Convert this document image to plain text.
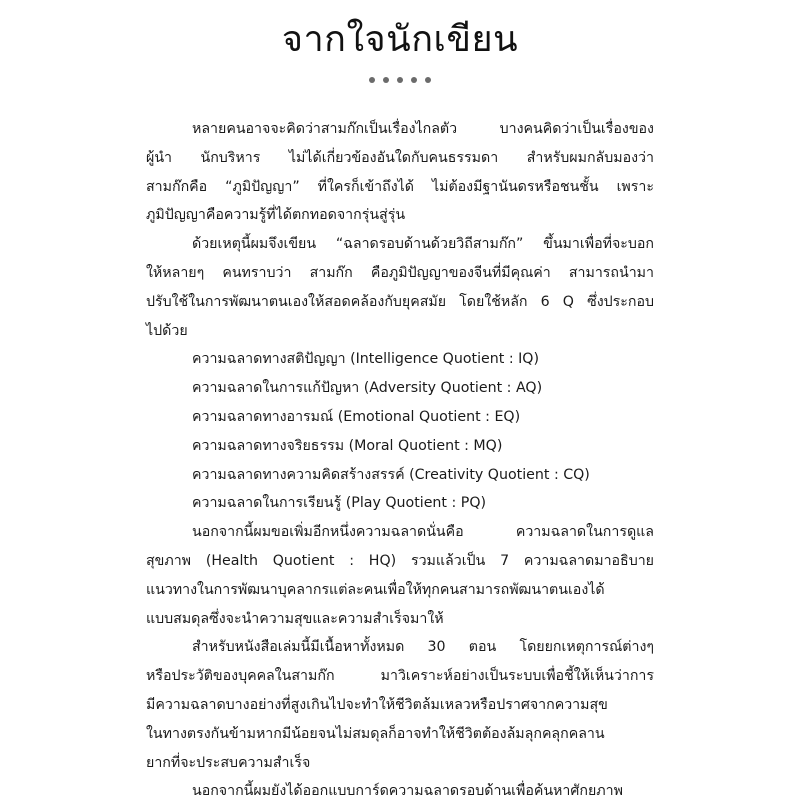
จากใจนักเขียน
หลายคนอาจจะคิดว่าสามก๊กเป็นเรื่องไกลตัว บางคนคิดว่าเป็นเรื่องของ
ผู้นำ นักบริหาร ไม่ได้เกี่ยวข้องอันใดกับคนธรรมดา สำหรับผมกลับมองว่า
สามก๊กคือ “ภูมิปัญญา” ที่ใครก็เข้าถึงได้ ไม่ต้องมีฐานันดรหรือชนชั้น เพราะ
ภูมิปัญญาคือความรู้ที่ได้ตกทอดจากรุ่นสู่รุ่น
ด้วยเหตุนี้ผมจึงเขียน “ฉลาดรอบด้านด้วยวิถีสามก๊ก” ขึ้นมาเพื่อที่จะบอก
ให้หลายๆ คนทราบว่า สามก๊ก คือภูมิปัญญาของจีนที่มีคุณค่า สามารถนำมา
ปรับใช้ในการพัฒนาตนเองให้สอดคล้องกับยุคสมัย โดยใช้หลัก 6 Q ซึ่งประกอบ
ไปด้วย
ความฉลาดทางสติปัญญา (Intelligence Quotient : IQ)
ความฉลาดในการแก้ปัญหา (Adversity Quotient : AQ)
ความฉลาดทางอารมณ์ (Emotional Quotient : EQ)
ความฉลาดทางจริยธรรม (Moral Quotient : MQ)
ความฉลาดทางความคิดสร้างสรรค์ (Creativity Quotient : CQ)
ความฉลาดในการเรียนรู้ (Play Quotient : PQ)
นอกจากนี้ผมขอเพิ่มอีกหนึ่งความฉลาดนั่นคือ ความฉลาดในการดูแล
สุขภาพ (Health Quotient : HQ) รวมแล้วเป็น 7 ความฉลาดมาอธิบาย
แนวทางในการพัฒนาบุคลากรแต่ละคนเพื่อให้ทุกคนสามารถพัฒนาตนเองได้
แบบสมดุลซึ่งจะนำความสุขและความสำเร็จมาให้
สำหรับหนังสือเล่มนี้มีเนื้อหาทั้งหมด 30 ตอน โดยยกเหตุการณ์ต่างๆ
หรือประวัติของบุคคลในสามก๊ก มาวิเคราะห์อย่างเป็นระบบเพื่อชี้ให้เห็นว่าการ
มีความฉลาดบางอย่างที่สูงเกินไปจะทำให้ชีวิตล้มเหลวหรือปราศจากความสุข
ในทางตรงกันข้ามหากมีน้อยจนไม่สมดุลก็อาจทำให้ชีวิตต้องล้มลุกคลุกคลาน
ยากที่จะประสบความสำเร็จ
นอกจากนี้ผมยังได้ออกแบบการ์ดความฉลาดรอบด้านเพื่อค้นหาศักยภาพ
